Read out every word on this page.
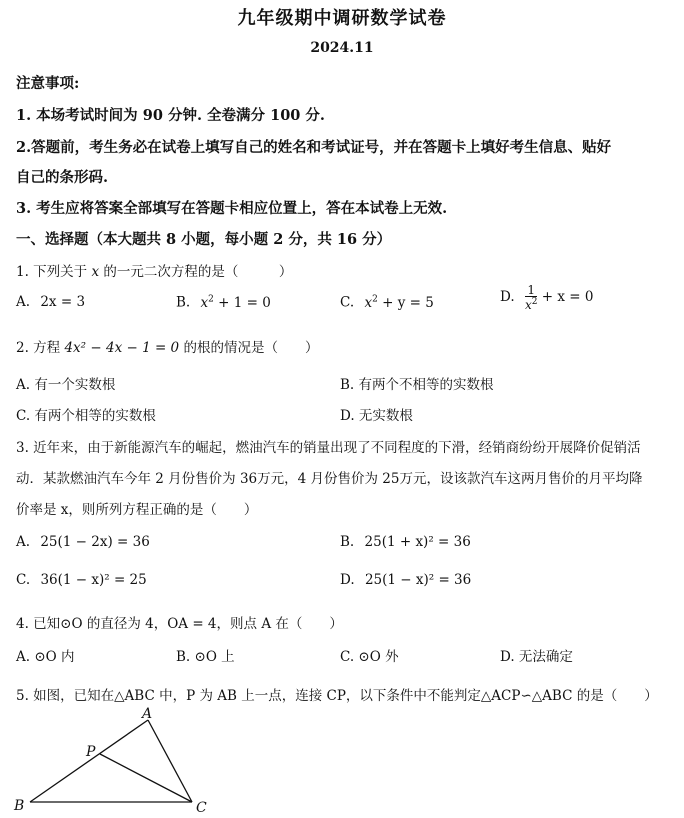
九年级期中调研数学试卷
2024.11
注意事项:
1. 本场考试时间为 90 分钟. 全卷满分 100 分.
2.答题前，考生务必在试卷上填写自己的姓名和考试证号，并在答题卡上填好考生信息、贴好
自己的条形码.
3. 考生应将答案全部填写在答题卡相应位置上，答在本试卷上无效.
一、选择题（本大题共 8 小题，每小题 2 分，共 16 分）
1. 下列关于 x 的一元二次方程的是（　　　）
A. 2x = 3	B. $x^2 + 1 = 0$	C. $x^2 + y = 5$	D. $\frac{1}{x^2} + x = 0$
2. 方程 4x² − 4x − 1 = 0 的根的情况是（　　）
A. 有一个实数根	B. 有两个不相等的实数根
C. 有两个相等的实数根	D. 无实数根
3. 近年来，由于新能源汽车的崛起，燃油汽车的销量出现了不同程度的下滑，经销商纷纷开展降价促销活
动．某款燃油汽车今年 2 月份售价为 36万元，4 月份售价为 25万元，设该款汽车这两月售价的月平均降
价率是 x，则所列方程正确的是（　　）
A. 25(1 − 2x) = 36	B. 25(1 + x)² = 36
C. 36(1 − x)² = 25	D. 25(1 − x)² = 36
4. 已知⊙O 的直径为 4，OA = 4，则点 A 在（　　）
A. ⊙O 内	B. ⊙O 上	C. ⊙O 外	D. 无法确定
5. 如图，已知在△ABC 中，P 为 AB 上一点，连接 CP，以下条件中不能判定△ACP∽△ABC 的是（　　）
A
P
B	C
